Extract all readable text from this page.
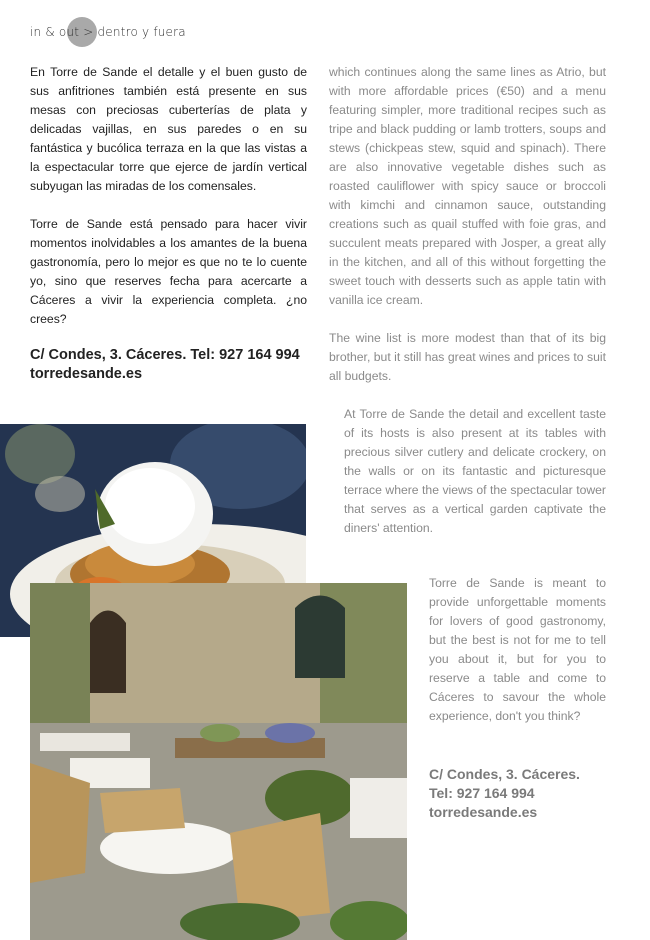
in & out > dentro y fuera

En Torre de Sande el detalle y el buen gusto de sus anfitriones también está presente en sus mesas con preciosas cuberterías de plata y delicadas vajillas, en sus paredes o en su fantástica y bucólica terraza en la que las vistas a la espectacular torre que ejerce de jardín vertical subyugan las miradas de los comensales.

Torre de Sande está pensado para hacer vivir momentos inolvidables a los amantes de la buena gastronomía, pero lo mejor es que no te lo cuente yo, sino que reserves fecha para acercarte a Cáceres a vivir la experiencia completa. ¿no crees?

C/ Condes, 3. Cáceres. Tel: 927 164 994
torredesande.es

which continues along the same lines as Atrio, but with more affordable prices (€50) and a menu featuring simpler, more traditional recipes such as tripe and black pudding or lamb trotters, soups and stews (chickpeas stew, squid and spinach). There are also innovative vegetable dishes such as roasted cauliflower with spicy sauce or broccoli with kimchi and cinnamon sauce, outstanding creations such as quail stuffed with foie gras, and succulent meats prepared with Josper, a great ally in the kitchen, and all of this without forgetting the sweet touch with desserts such as apple tatin with vanilla ice cream.

The wine list is more modest than that of its big brother, but it still has great wines and prices to suit all budgets.

At Torre de Sande the detail and excellent taste of its hosts is also present at its tables with precious silver cutlery and delicate crockery, on the walls or on its fantastic and picturesque terrace where the views of the spectacular tower that serves as a vertical garden captivate the diners' attention.

Torre de Sande is meant to provide unforgettable moments for lovers of good gastronomy, but the best is not for me to tell you about it, but for you to reserve a table and come to Cáceres to savour the whole experience, don't you think?
C/ Condes, 3. Cáceres.
Tel: 927 164 994
torredesande.es
